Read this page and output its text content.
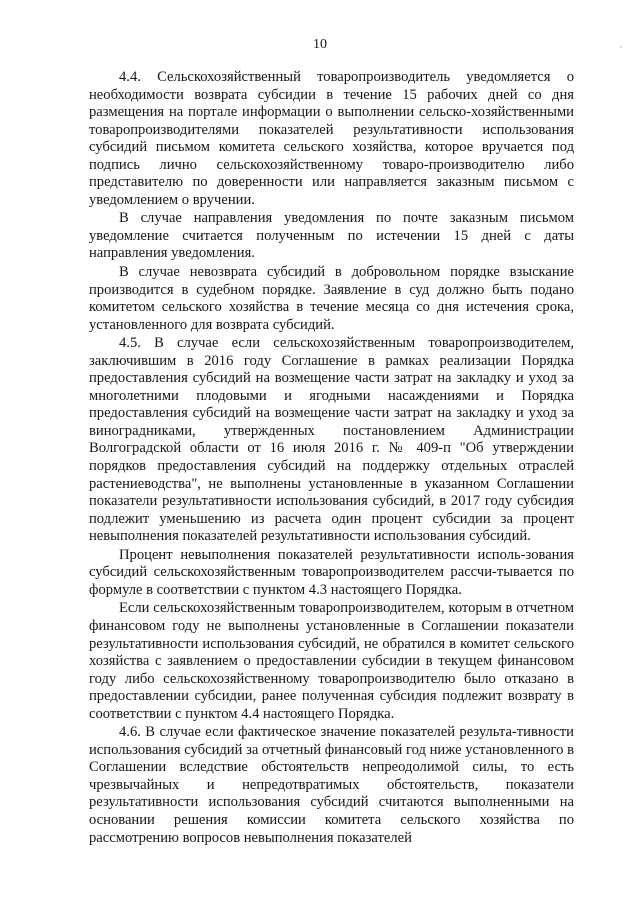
10	'

4.4. Сельскохозяйственный товаропроизводитель уведомляется о необходимости возврата субсидии в течение 15 рабочих дней со дня размещения на портале информации о выполнении сельско-хозяйственными товаропроизводителями показателей результативности использования субсидий письмом комитета сельского хозяйства, которое вручается под подпись лично сельскохозяйственному товаро-производителю либо представителю по доверенности или направляется заказным письмом с уведомлением о вручении.

В случае направления уведомления по почте заказным письмом уведомление считается полученным по истечении 15 дней с даты направления уведомления.

В случае невозврата субсидий в добровольном порядке взыскание производится в судебном порядке. Заявление в суд должно быть подано комитетом сельского хозяйства в течение месяца со дня истечения срока, установленного для возврата субсидий.

4.5. В случае если сельскохозяйственным товаропроизводителем, заключившим в 2016 году Соглашение в рамках реализации Порядка предоставления субсидий на возмещение части затрат на закладку и уход за многолетними плодовыми и ягодными насаждениями и Порядка предоставления субсидий на возмещение части затрат на закладку и уход за виноградниками, утвержденных постановлением Администрации Волгоградской области от 16 июля 2016 г. № 409-п "Об утверждении порядков предоставления субсидий на поддержку отдельных отраслей растениеводства", не выполнены установленные в указанном Соглашении показатели результативности использования субсидий, в 2017 году субсидия подлежит уменьшению из расчета один процент субсидии за процент невыполнения показателей результативности использования субсидий.

Процент невыполнения показателей результативности исполь-зования субсидий сельскохозяйственным товаропроизводителем рассчи-тывается по формуле в соответствии с пунктом 4.3 настоящего Порядка.

Если сельскохозяйственным товаропроизводителем, которым в отчетном финансовом году не выполнены установленные в Соглашении показатели результативности использования субсидий, не обратился в комитет сельского хозяйства с заявлением о предоставлении субсидии в текущем финансовом году либо сельскохозяйственному товаропроизводителю было отказано в предоставлении субсидии, ранее полученная субсидия подлежит возврату в соответствии с пунктом 4.4 настоящего Порядка.

4.6. В случае если фактическое значение показателей результа-тивности использования субсидий за отчетный финансовый год ниже установленного в Соглашении вследствие обстоятельств непреодолимой силы, то есть чрезвычайных и непредотвратимых обстоятельств, показатели результативности использования субсидий считаются выполненными на основании решения комиссии комитета сельского хозяйства по рассмотрению вопросов невыполнения показателей
